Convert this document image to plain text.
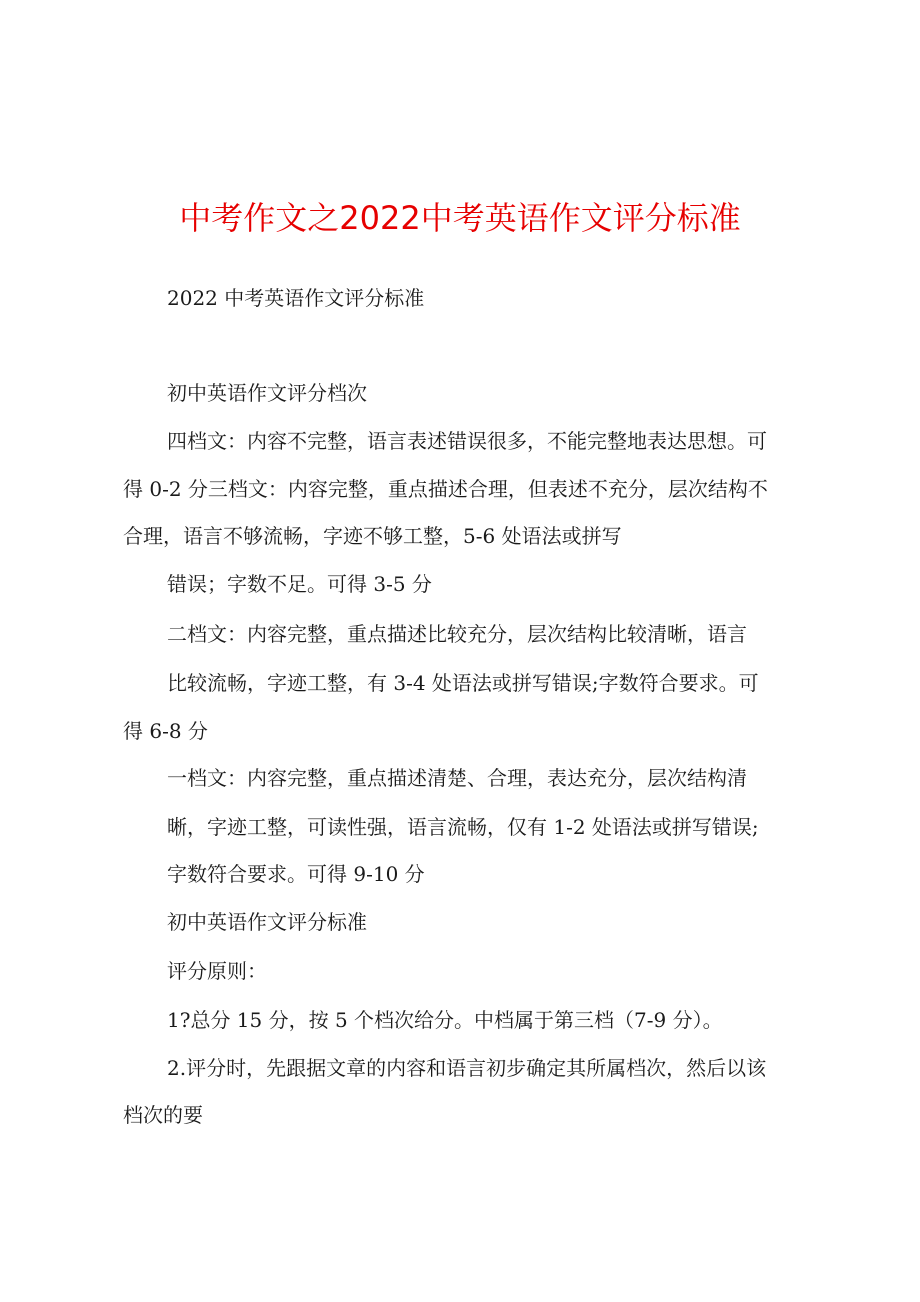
中考作文之2022中考英语作文评分标准

2022 中考英语作文评分标准

初中英语作文评分档次

四档文：内容不完整，语言表述错误很多，不能完整地表达思想。可

得 0-2 分三档文：内容完整，重点描述合理，但表述不充分，层次结构不

合理，语言不够流畅，字迹不够工整，5-6 处语法或拼写

错误；字数不足。可得 3-5 分

二档文：内容完整，重点描述比较充分，层次结构比较清晰，语言

比较流畅，字迹工整，有 3-4 处语法或拼写错误;字数符合要求。可

得 6-8 分

一档文：内容完整，重点描述清楚、合理，表达充分，层次结构清

晰，字迹工整，可读性强，语言流畅，仅有 1-2 处语法或拼写错误;

字数符合要求。可得 9-10 分

初中英语作文评分标准

评分原则：

1?总分 15 分，按 5 个档次给分。中档属于第三档（7-9 分）。

2.评分时，先跟据文章的内容和语言初步确定其所属档次，然后以该

档次的要
